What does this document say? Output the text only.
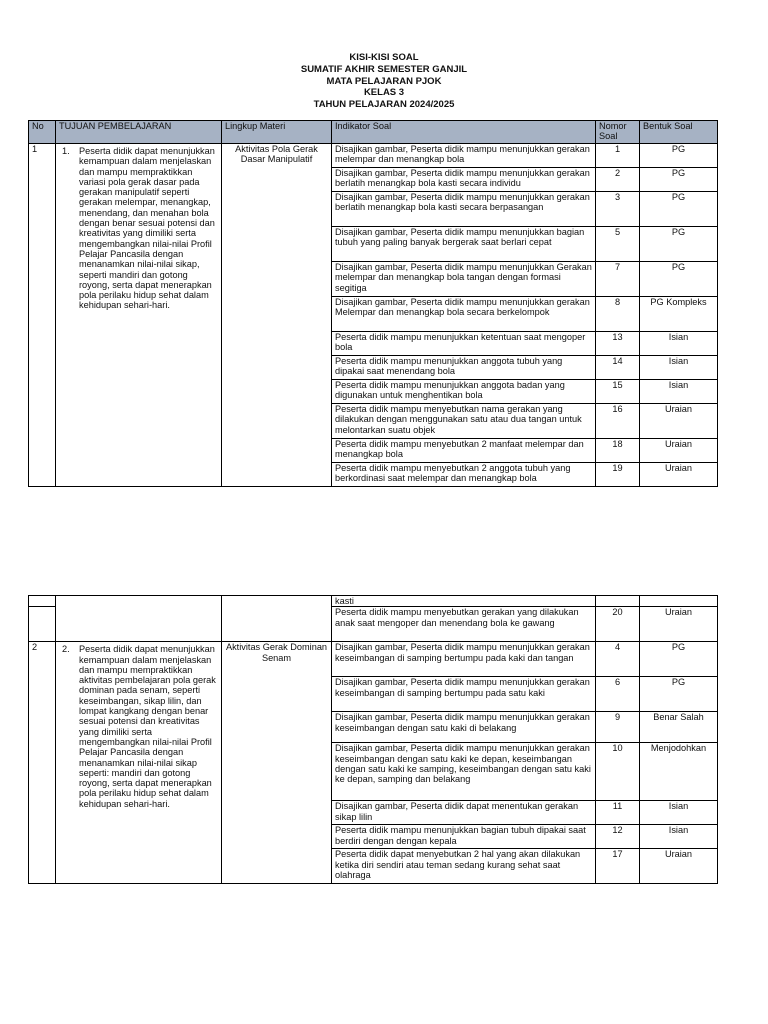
KISI-KISI SOAL
SUMATIF AKHIR SEMESTER GANJIL
MATA PELAJARAN PJOK
KELAS 3
TAHUN PELAJARAN 2024/2025
No	TUJUAN PEMBELAJARAN	Lingkup Materi	Indikator Soal	Nomor Soal	Bentuk Soal
1	1. Peserta didik dapat menunjukkan kemampuan dalam menjelaskan dan mampu mempraktikkan variasi pola gerak dasar pada gerakan manipulatif seperti gerakan melempar, menangkap, menendang, dan menahan bola dengan benar sesuai potensi dan kreativitas yang dimiliki serta mengembangkan nilai-nilai Profil Pelajar Pancasila dengan menanamkan nilai-nilai sikap, seperti mandiri dan gotong royong, serta dapat menerapkan pola perilaku hidup sehat dalam kehidupan sehari-hari.	Aktivitas Pola Gerak Dasar Manipulatif	Disajikan gambar, Peserta didik mampu menunjukkan gerakan melempar dan menangkap bola	1	PG
			Disajikan gambar, Peserta didik mampu menunjukkan gerakan berlatih menangkap bola kasti secara individu	2	PG
			Disajikan gambar, Peserta didik mampu menunjukkan gerakan berlatih menangkap bola kasti secara berpasangan	3	PG
			Disajikan gambar, Peserta didik mampu menunjukkan bagian tubuh yang paling banyak bergerak saat berlari cepat	5	PG
			Disajikan gambar, Peserta didik mampu menunjukkan Gerakan melempar dan menangkap bola tangan dengan formasi segitiga	7	PG
			Disajikan gambar, Peserta didik mampu menunjukkan gerakan Melempar dan menangkap bola secara berkelompok	8	PG Kompleks
			Peserta didik mampu menunjukkan ketentuan saat mengoper bola	13	Isian
			Peserta didik mampu menunjukkan anggota tubuh yang dipakai saat menendang bola	14	Isian
			Peserta didik mampu menunjukkan anggota badan yang digunakan untuk menghentikan bola	15	Isian
			Peserta didik mampu menyebutkan nama gerakan yang dilakukan dengan menggunakan satu atau dua tangan untuk melontarkan suatu objek	16	Uraian
			Peserta didik mampu menyebutkan 2 manfaat melempar dan menangkap bola	18	Uraian
			Peserta didik mampu menyebutkan 2 anggota tubuh yang berkordinasi saat melempar dan menangkap bola	19	Uraian
			kasti		
			Peserta didik mampu menyebutkan gerakan yang dilakukan anak saat mengoper dan menendang bola ke gawang	20	Uraian
2	2. Peserta didik dapat menunjukkan kemampuan dalam menjelaskan dan mampu mempraktikkan aktivitas pembelajaran pola gerak dominan pada senam, seperti keseimbangan, sikap lilin, dan lompat kangkang dengan benar sesuai potensi dan kreativitas yang dimiliki serta mengembangkan nilai-nilai Profil Pelajar Pancasila dengan menanamkan nilai-nilai sikap seperti: mandiri dan gotong royong, serta dapat menerapkan pola perilaku hidup sehat dalam kehidupan sehari-hari.	Aktivitas Gerak Dominan Senam	Disajikan gambar, Peserta didik mampu menunjukkan gerakan keseimbangan di samping bertumpu pada kaki dan tangan	4	PG
			Disajikan gambar, Peserta didik mampu menunjukkan gerakan keseimbangan di samping bertumpu pada satu kaki	6	PG
			Disajikan gambar, Peserta didik mampu menunjukkan gerakan keseimbangan dengan satu kaki di belakang	9	Benar Salah
			Disajikan gambar, Peserta didik mampu menunjukkan gerakan keseimbangan dengan satu kaki ke depan, keseimbangan dengan satu kaki ke samping, keseimbangan dengan satu kaki ke depan, samping dan belakang	10	Menjodohkan
			Disajikan gambar, Peserta didik dapat menentukan gerakan sikap lilin	11	Isian
			Peserta didik mampu menunjukkan bagian tubuh dipakai saat berdiri dengan dengan kepala	12	Isian
			Peserta didik dapat menyebutkan 2 hal yang akan dilakukan ketika diri sendiri atau teman sedang kurang sehat saat olahraga	17	Uraian
